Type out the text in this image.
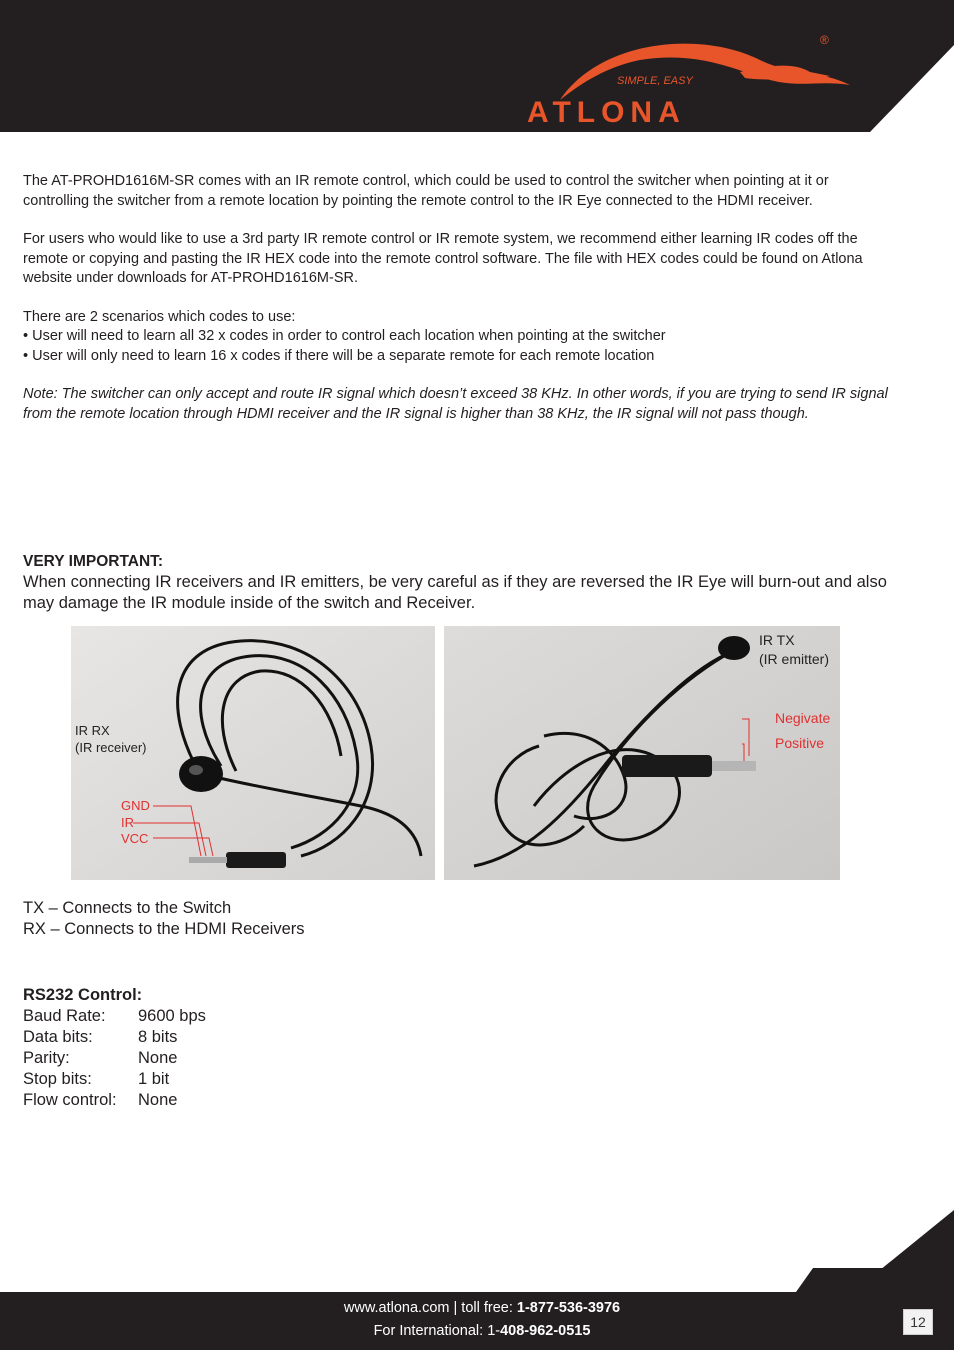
ATLONA
SIMPLE, EASY
®

The AT-PROHD1616M-SR comes with an IR remote control, which could be used to control the switcher when pointing at it or controlling the switcher from a remote location by pointing the remote control to the IR Eye connected to the HDMI receiver.

For users who would like to use a 3rd party IR remote control or IR remote system, we recommend either learning IR codes off the remote or copying and pasting the IR HEX code into the remote control software. The file with HEX codes could be found on Atlona website under downloads for AT-PROHD1616M-SR.

There are 2 scenarios which codes to use:

• User will need to learn all 32 x codes in order to control each location when pointing at the switcher

• User will only need to learn 16 x codes if there will be a separate remote for each remote location

Note: The switcher can only accept and route IR signal which doesn’t exceed 38 KHz. In other words, if you are trying to send IR signal from the remote location through HDMI receiver and the IR signal is higher than 38 KHz, the IR signal will not pass though.

VERY IMPORTANT:

When connecting IR receivers and IR emitters, be very careful as if they are reversed the IR Eye will burn-out and also may damage the IR module inside of the switch and Receiver.

IR RX
(IR receiver)
GND
IR
VCC
IR TX
(IR emitter)
Negivate
Positive

TX – Connects to the Switch

RX – Connects to the HDMI Receivers

RS232 Control:

Baud Rate:	9600 bps
Data bits:	8 bits
Parity:	None
Stop bits:	1 bit
Flow control:	None
www.atlona.com | toll free: 1-877-536-3976
For International: 1-408-962-0515
12
